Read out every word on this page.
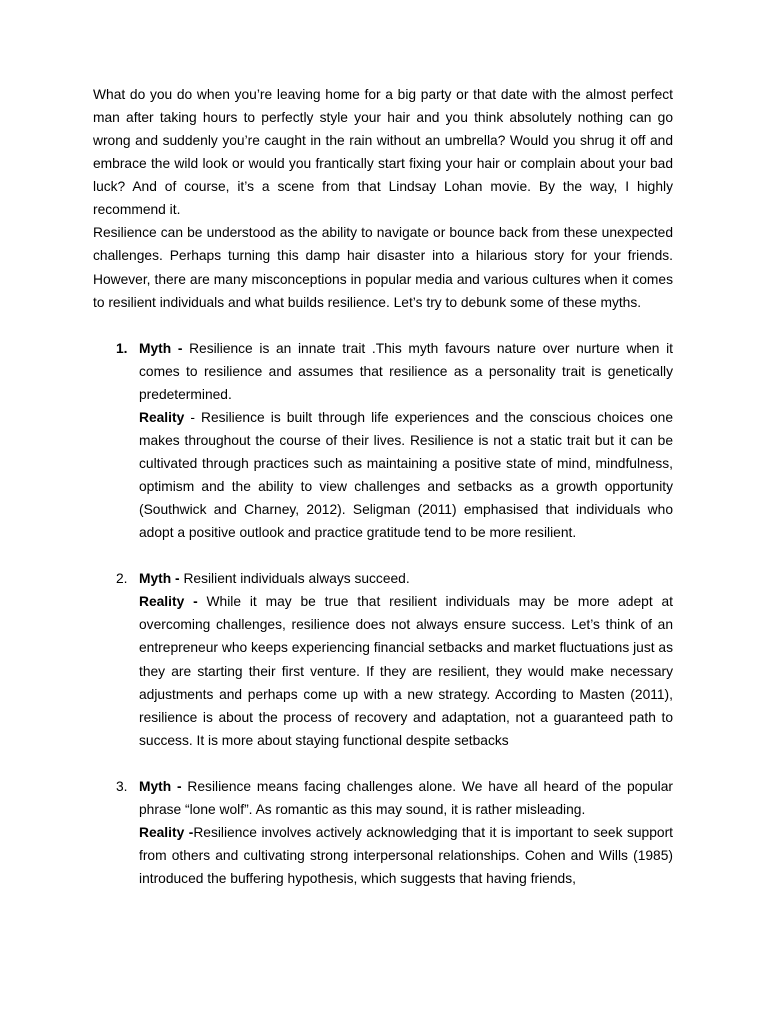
What do you do when you’re leaving home for a big party or that date with the almost perfect man after taking hours to perfectly style your hair and you think absolutely nothing can go wrong and suddenly you’re caught in the rain without an umbrella? Would you shrug it off and embrace the wild look or would you frantically start fixing your hair or complain about your bad luck? And of course, it’s a scene from that Lindsay Lohan movie. By the way, I highly recommend it.

Resilience can be understood as the ability to navigate or bounce back from these unexpected challenges. Perhaps turning this damp hair disaster into a hilarious story for your friends. However, there are many misconceptions in popular media and various cultures when it comes to resilient individuals and what builds resilience. Let’s try to debunk some of these myths.

1. Myth - Resilience is an innate trait .This myth favours nature over nurture when it comes to resilience and assumes that resilience as a personality trait is genetically predetermined.

Reality - Resilience is built through life experiences and the conscious choices one makes throughout the course of their lives. Resilience is not a static trait but it can be cultivated through practices such as maintaining a positive state of mind, mindfulness, optimism and the ability to view challenges and setbacks as a growth opportunity (Southwick and Charney, 2012). Seligman (2011) emphasised that individuals who adopt a positive outlook and practice gratitude tend to be more resilient.

2. Myth - Resilient individuals always succeed.

Reality - While it may be true that resilient individuals may be more adept at overcoming challenges, resilience does not always ensure success. Let’s think of an entrepreneur who keeps experiencing financial setbacks and market fluctuations just as they are starting their first venture. If they are resilient, they would make necessary adjustments and perhaps come up with a new strategy. According to Masten (2011), resilience is about the process of recovery and adaptation, not a guaranteed path to success. It is more about staying functional despite setbacks

3. Myth - Resilience means facing challenges alone. We have all heard of the popular phrase “lone wolf”. As romantic as this may sound, it is rather misleading.

Reality -Resilience involves actively acknowledging that it is important to seek support from others and cultivating strong interpersonal relationships. Cohen and Wills (1985) introduced the buffering hypothesis, which suggests that having friends,
